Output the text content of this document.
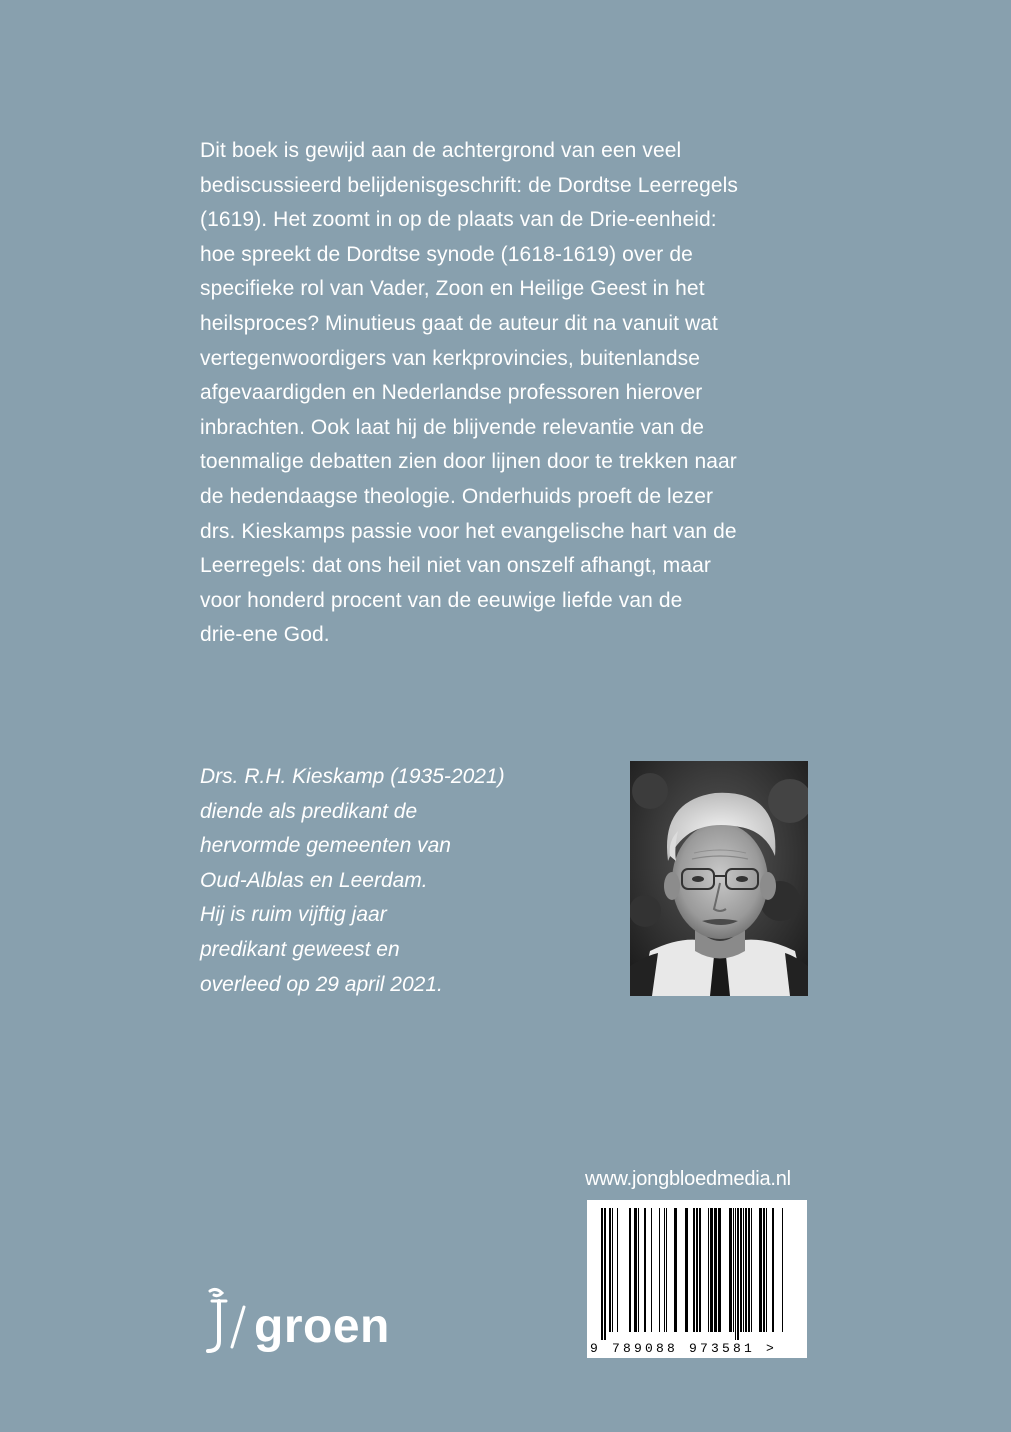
Dit boek is gewijd aan de achtergrond van een veel
bediscussieerd belijdenisgeschrift: de Dordtse Leerregels
(1619). Het zoomt in op de plaats van de Drie-eenheid:
hoe spreekt de Dordtse synode (1618-1619) over de
specifieke rol van Vader, Zoon en Heilige Geest in het
heilsproces? Minutieus gaat de auteur dit na vanuit wat
vertegenwoordigers van kerkprovincies, buitenlandse
afgevaardigden en Nederlandse professoren hierover
inbrachten. Ook laat hij de blijvende relevantie van de
toenmalige debatten zien door lijnen door te trekken naar
de hedendaagse theologie. Onderhuids proeft de lezer
drs. Kieskamps passie voor het evangelische hart van de
Leerregels: dat ons heil niet van onszelf afhangt, maar
voor honderd procent van de eeuwige liefde van de
drie-ene God.
Drs. R.H. Kieskamp (1935-2021)
diende als predikant de
hervormde gemeenten van
Oud-Alblas en Leerdam.
Hij is ruim vijftig jaar
predikant geweest en
overleed op 29 april 2021.
www.jongbloedmedia.nl
9 789088 973581 >
groen
